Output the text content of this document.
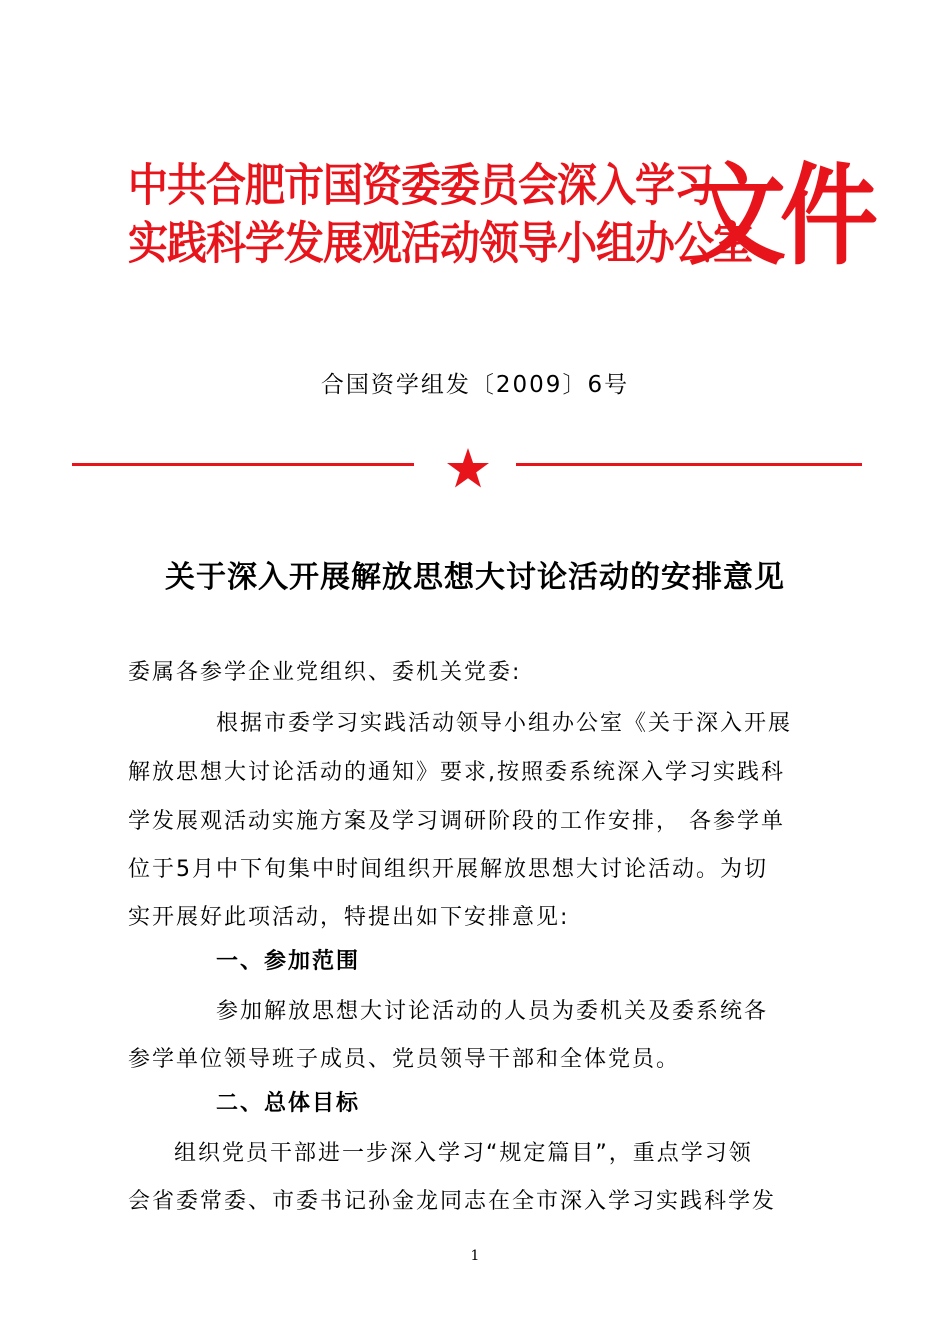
中共合肥市国资委委员会深入学习
实践科学发展观活动领导小组办公室
文件
合国资学组发〔2009〕6号
关于深入开展解放思想大讨论活动的安排意见
委属各参学企业党组织、委机关党委:
根据市委学习实践活动领导小组办公室《关于深入开展
解放思想大讨论活动的通知》要求,按照委系统深入学习实践科
学发展观活动实施方案及学习调研阶段的工作安排， 各参学单
位于5月中下旬集中时间组织开展解放思想大讨论活动。为切
实开展好此项活动，特提出如下安排意见:
一、参加范围
参加解放思想大讨论活动的人员为委机关及委系统各
参学单位领导班子成员、党员领导干部和全体党员。
二、总体目标
组织党员干部进一步深入学习“规定篇目”，重点学习领
会省委常委、市委书记孙金龙同志在全市深入学习实践科学发
1
